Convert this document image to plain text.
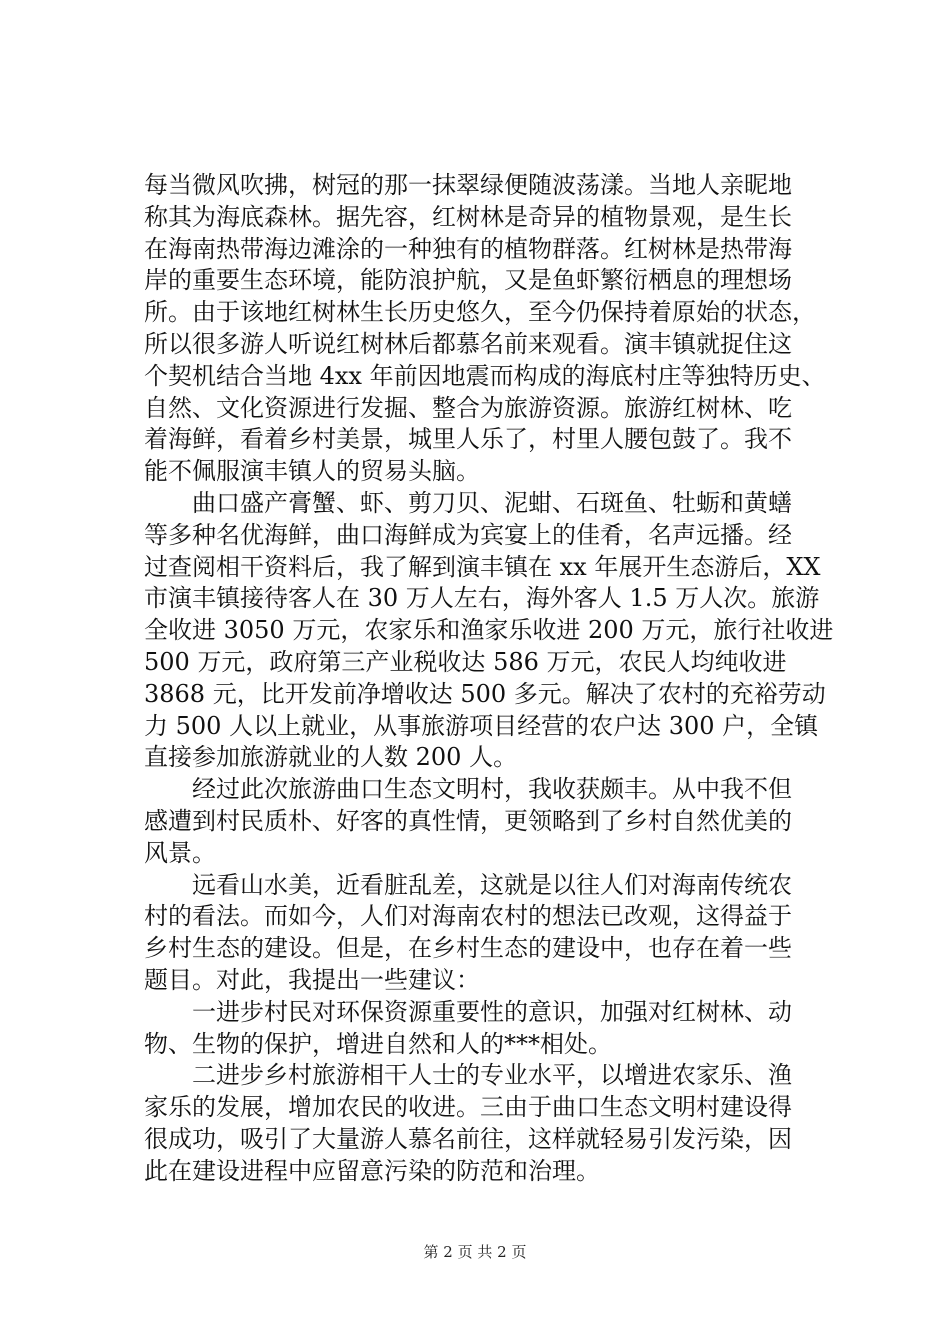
每当微风吹拂，树冠的那一抹翠绿便随波荡漾。当地人亲昵地
称其为海底森林。据先容，红树林是奇异的植物景观，是生长
在海南热带海边滩涂的一种独有的植物群落。红树林是热带海
岸的重要生态环境，能防浪护航，又是鱼虾繁衍栖息的理想场
所。由于该地红树林生长历史悠久，至今仍保持着原始的状态，
所以很多游人听说红树林后都慕名前来观看。演丰镇就捉住这
个契机结合当地 4xx 年前因地震而构成的海底村庄等独特历史、
自然、文化资源进行发掘、整合为旅游资源。旅游红树林、吃
着海鲜，看着乡村美景，城里人乐了，村里人腰包鼓了。我不
能不佩服演丰镇人的贸易头脑。
　　曲口盛产膏蟹、虾、剪刀贝、泥蚶、石斑鱼、牡蛎和黄蟮
等多种名优海鲜，曲口海鲜成为宾宴上的佳肴，名声远播。经
过查阅相干资料后，我了解到演丰镇在 xx 年展开生态游后，XX
市演丰镇接待客人在 30 万人左右，海外客人 1.5 万人次。旅游
全收进 3050 万元，农家乐和渔家乐收进 200 万元，旅行社收进
500 万元，政府第三产业税收达 586 万元，农民人均纯收进
3868 元，比开发前净增收达 500 多元。解决了农村的充裕劳动
力 500 人以上就业，从事旅游项目经营的农户达 300 户，全镇
直接参加旅游就业的人数 200 人。
　　经过此次旅游曲口生态文明村，我收获颇丰。从中我不但
感遭到村民质朴、好客的真性情，更领略到了乡村自然优美的
风景。
　　远看山水美，近看脏乱差，这就是以往人们对海南传统农
村的看法。而如今，人们对海南农村的想法已改观，这得益于
乡村生态的建设。但是，在乡村生态的建设中，也存在着一些
题目。对此，我提出一些建议：
　　一进步村民对环保资源重要性的意识，加强对红树林、动
物、生物的保护，增进自然和人的***相处。
　　二进步乡村旅游相干人士的专业水平，以增进农家乐、渔
家乐的发展，增加农民的收进。三由于曲口生态文明村建设得
很成功，吸引了大量游人慕名前往，这样就轻易引发污染，因
此在建设进程中应留意污染的防范和治理。
第 2 页 共 2 页
